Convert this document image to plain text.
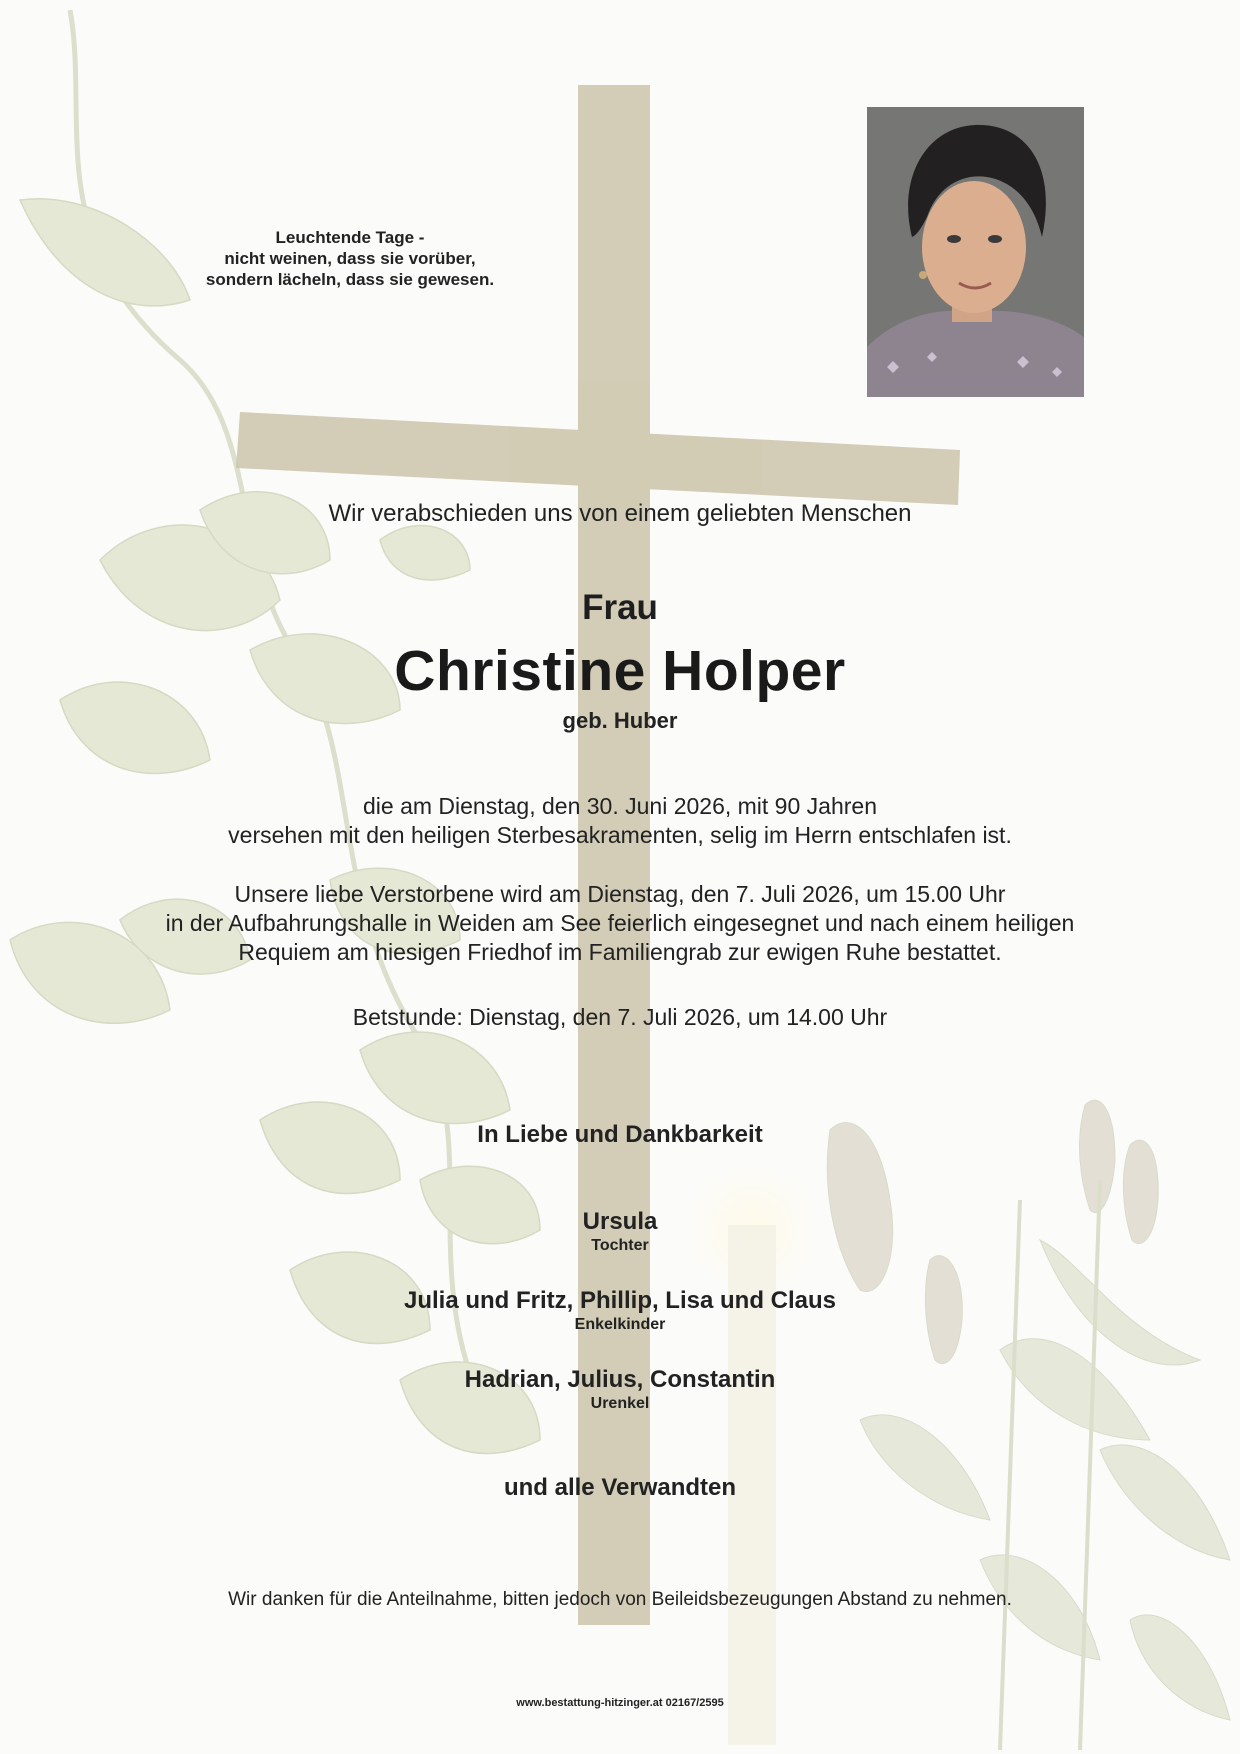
Leuchtende Tage -
nicht weinen, dass sie vorüber,
sondern lächeln, dass sie gewesen.
Wir verabschieden uns von einem geliebten Menschen
Frau
Christine Holper
geb. Huber
die am Dienstag, den 30. Juni 2026, mit 90 Jahren
versehen mit den heiligen Sterbesakramenten, selig im Herrn entschlafen ist.
Unsere liebe Verstorbene wird am Dienstag, den 7. Juli 2026, um 15.00 Uhr
in der Aufbahrungshalle in Weiden am See feierlich eingesegnet und nach einem heiligen
Requiem am hiesigen Friedhof im Familiengrab zur ewigen Ruhe bestattet.
Betstunde: Dienstag, den 7. Juli 2026, um 14.00 Uhr
In Liebe und Dankbarkeit
Ursula
Tochter
Julia und Fritz, Phillip, Lisa und Claus
Enkelkinder
Hadrian, Julius, Constantin
Urenkel
und alle Verwandten
Wir danken für die Anteilnahme, bitten jedoch von Beileidsbezeugungen Abstand zu nehmen.
www.bestattung-hitzinger.at 02167/2595
